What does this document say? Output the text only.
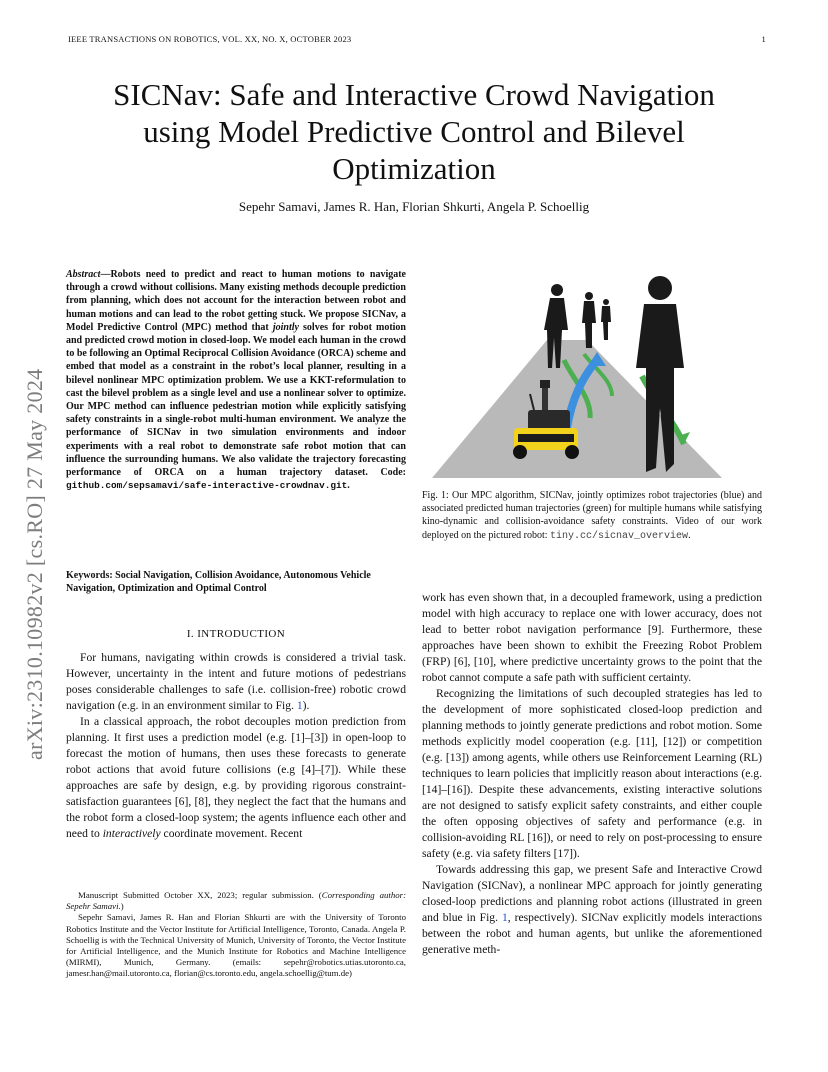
IEEE TRANSACTIONS ON ROBOTICS, VOL. XX, NO. X, OCTOBER 2023	1
SICNav: Safe and Interactive Crowd Navigation
using Model Predictive Control and Bilevel
Optimization
Sepehr Samavi, James R. Han, Florian Shkurti, Angela P. Schoellig
arXiv:2310.10982v2 [cs.RO] 27 May 2024
Abstract—Robots need to predict and react to human motions to navigate through a crowd without collisions. Many existing methods decouple prediction from planning, which does not account for the interaction between robot and human motions and can lead to the robot getting stuck. We propose SICNav, a Model Predictive Control (MPC) method that jointly solves for robot motion and predicted crowd motion in closed-loop. We model each human in the crowd to be following an Optimal Reciprocal Collision Avoidance (ORCA) scheme and embed that model as a constraint in the robot’s local planner, resulting in a bilevel nonlinear MPC optimization problem. We use a KKT-reformulation to cast the bilevel problem as a single level and use a nonlinear solver to optimize. Our MPC method can influence pedestrian motion while explicitly satisfying safety constraints in a single-robot multi-human environment. We analyze the performance of SICNav in two simulation environments and indoor experiments with a real robot to demonstrate safe robot motion that can influence the surrounding humans. We also validate the trajectory forecasting performance of ORCA on a human trajectory dataset. Code: github.com/sepsamavi/safe-interactive-crowdnav.git.
Keywords: Social Navigation, Collision Avoidance, Autonomous Vehicle Navigation, Optimization and Optimal Control
I. INTRODUCTION

For humans, navigating within crowds is considered a trivial task. However, uncertainty in the intent and future motions of pedestrians poses considerable challenges to safe (i.e. collision-free) robotic crowd navigation (e.g. in an environment similar to Fig. 1).

In a classical approach, the robot decouples motion prediction from planning. It first uses a prediction model (e.g. [1]–[3]) in open-loop to forecast the motion of humans, then uses these forecasts to generate robot actions that avoid future collisions (e.g [4]–[7]). While these approaches are safe by design, e.g. by providing rigorous constraint-satisfaction guarantees [6], [8], they neglect the fact that the humans and the robot form a closed-loop system; the agents influence each other and need to interactively coordinate movement. Recent

Manuscript Submitted October XX, 2023; regular submission. (Corresponding author: Sepehr Samavi.)

Sepehr Samavi, James R. Han and Florian Shkurti are with the University of Toronto Robotics Institute and the Vector Institute for Artificial Intelligence, Toronto, Canada. Angela P. Schoellig is with the Technical University of Munich, University of Toronto, the Vector Institute for Artificial Intelligence, and the Munich Institute for Robotics and Machine Intelligence (MIRMI), Munich, Germany. (emails: sepehr@robotics.utias.utoronto.ca, jamesr.han@mail.utoronto.ca, florian@cs.toronto.edu, angela.schoellig@tum.de)

Fig. 1: Our MPC algorithm, SICNav, jointly optimizes robot trajectories (blue) and associated predicted human trajectories (green) for multiple humans while satisfying kino-dynamic and collision-avoidance safety constraints. Video of our work deployed on the pictured robot: tiny.cc/sicnav_overview.

work has even shown that, in a decoupled framework, using a prediction model with high accuracy to replace one with lower accuracy, does not lead to better robot navigation performance [9]. Furthermore, these approaches have been shown to exhibit the Freezing Robot Problem (FRP) [6], [10], where predictive uncertainty grows to the point that the robot cannot compute a safe path with sufficient certainty.

Recognizing the limitations of such decoupled strategies has led to the development of more sophisticated closed-loop prediction and planning methods to jointly generate predictions and robot motion. Some methods explicitly model cooperation (e.g. [11], [12]) or competition (e.g. [13]) among agents, while others use Reinforcement Learning (RL) techniques to learn policies that implicitly reason about interactions (e.g. [14]–[16]). Despite these advancements, existing interactive solutions are not designed to satisfy explicit safety constraints, and either couple the often opposing objectives of safety and performance (e.g. in collision-avoiding RL [16]), or need to rely on post-processing to ensure safety (e.g. via safety filters [17]).

Towards addressing this gap, we present Safe and Interactive Crowd Navigation (SICNav), a nonlinear MPC approach for jointly generating closed-loop predictions and planning robot actions (illustrated in green and blue in Fig. 1, respectively). SICNav explicitly models interactions between the robot and human agents, but unlike the aforementioned generative meth-
